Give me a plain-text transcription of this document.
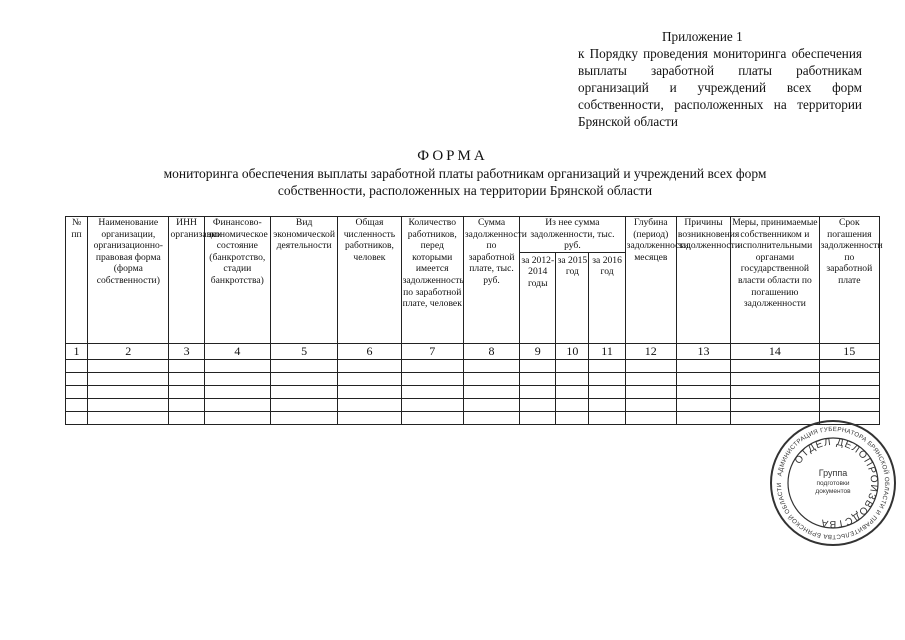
Приложение 1
к Порядку проведения мониторинга обеспечения выплаты заработной платы работникам организаций и учреждений всех форм собственности, расположенных на территории Брянской области
ФОРМА
мониторинга обеспечения выплаты заработной платы работникам организаций и учреждений всех форм собственности, расположенных на территории Брянской области
№ пп	Наименование организации, организационно-правовая форма (форма собственности)	ИНН организации	Финансово-экономическое состояние (банкротство, стадии банкротства)	Вид экономической деятельности	Общая численность работников, человек	Количество работников, перед которыми имеется задолженность по заработной плате, человек	Сумма задолженности по заработной плате, тыс. руб.	Из нее сумма задолженности, тыс. руб.			Глубина (период) задолженности, месяцев	Причины возникновения задолженности	Меры, принимаемые собственником и исполнительными органами государственной власти области по погашению задолженности	Срок погашения задолженности по заработной плате
								за 2012-2014 годы	за 2015 год	за 2016 год				
1	2	3	4	5	6	7	8	9	10	11	12	13	14	15

АДМИНИСТРАЦИЯ ГУБЕРНАТОРА БРЯНСКОЙ ОБЛАСТИ И ПРАВИТЕЛЬСТВА БРЯНСКОЙ ОБЛАСТИ
ОТДЕЛ ДЕЛОПРОИЗВОДСТВА
Группа
подготовки
документов
